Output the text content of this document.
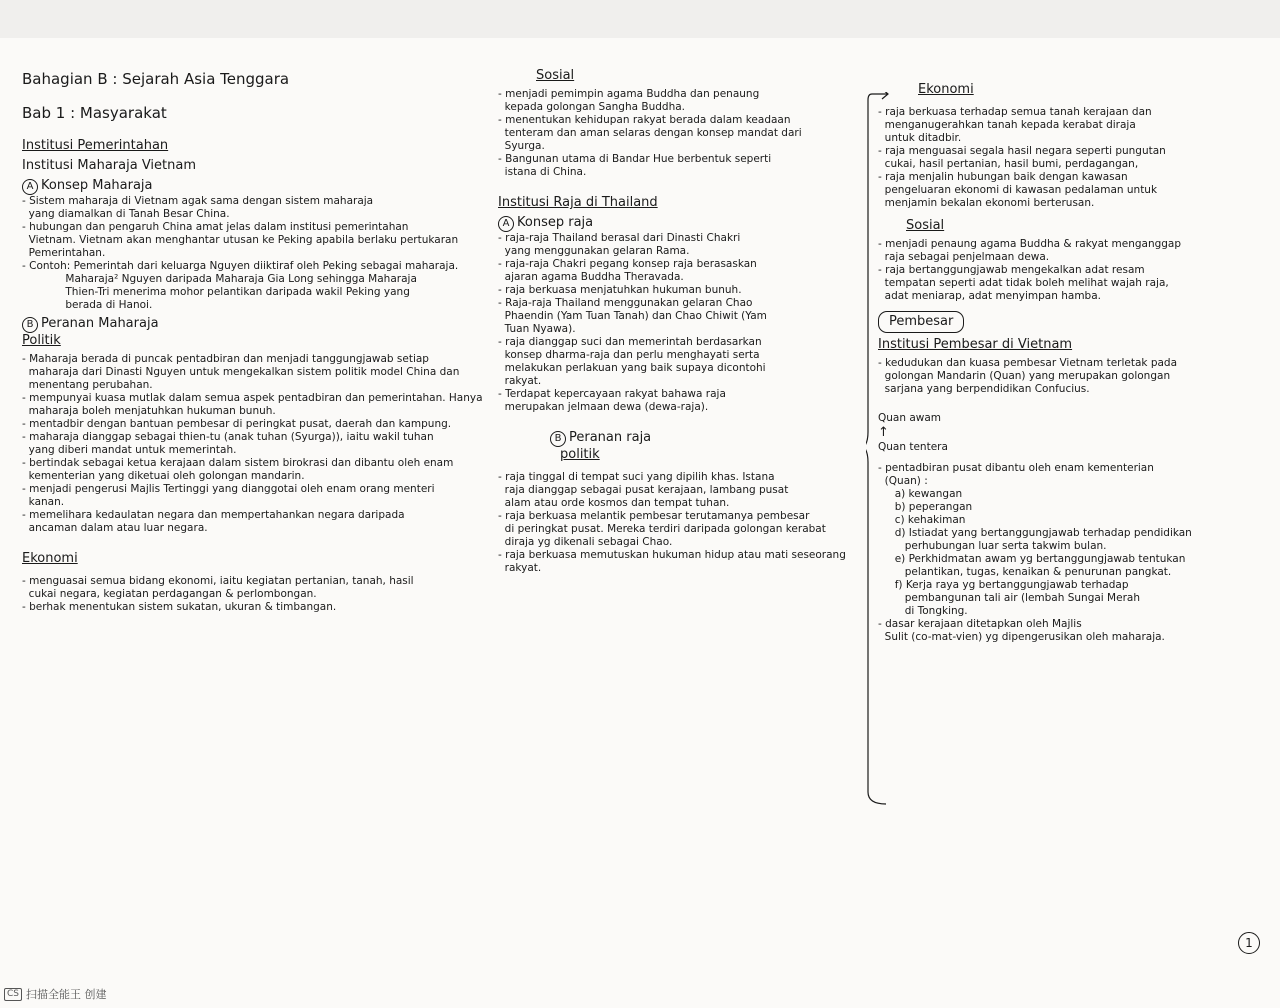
Bahagian B : Sejarah Asia Tenggara

Bab 1 : Masyarakat

Institusi Pemerintahan

Institusi Maharaja Vietnam

A Konsep Maharaja

- Sistem maharaja di Vietnam agak sama dengan sistem maharaja

yang diamalkan di Tanah Besar China.

- hubungan dan pengaruh China amat jelas dalam institusi pemerintahan

Vietnam. Vietnam akan menghantar utusan ke Peking apabila berlaku pertukaran

Pemerintahan.

- Contoh: Pemerintah dari keluarga Nguyen diiktiraf oleh Peking sebagai maharaja.

Maharaja² Nguyen daripada Maharaja Gia Long sehingga Maharaja

Thien-Tri menerima mohor pelantikan daripada wakil Peking yang

berada di Hanoi.

B Peranan Maharaja

Politik

- Maharaja berada di puncak pentadbiran dan menjadi tanggungjawab setiap

maharaja dari Dinasti Nguyen untuk mengekalkan sistem politik model China dan

menentang perubahan.

- mempunyai kuasa mutlak dalam semua aspek pentadbiran dan pemerintahan. Hanya

maharaja boleh menjatuhkan hukuman bunuh.

- mentadbir dengan bantuan pembesar di peringkat pusat, daerah dan kampung.

- maharaja dianggap sebagai thien-tu (anak tuhan (Syurga)), iaitu wakil tuhan

yang diberi mandat untuk memerintah.

- bertindak sebagai ketua kerajaan dalam sistem birokrasi dan dibantu oleh enam

kementerian yang diketuai oleh golongan mandarin.

- menjadi pengerusi Majlis Tertinggi yang dianggotai oleh enam orang menteri

kanan.

- memelihara kedaulatan negara dan mempertahankan negara daripada

ancaman dalam atau luar negara.

Ekonomi

- menguasai semua bidang ekonomi, iaitu kegiatan pertanian, tanah, hasil

cukai negara, kegiatan perdagangan & perlombongan.

- berhak menentukan sistem sukatan, ukuran & timbangan.

Sosial

- menjadi pemimpin agama Buddha dan penaung

kepada golongan Sangha Buddha.

- menentukan kehidupan rakyat berada dalam keadaan

tenteram dan aman selaras dengan konsep mandat dari

Syurga.

- Bangunan utama di Bandar Hue berbentuk seperti

istana di China.

Institusi Raja di Thailand

A Konsep raja

- raja-raja Thailand berasal dari Dinasti Chakri

yang menggunakan gelaran Rama.

- raja-raja Chakri pegang konsep raja berasaskan

ajaran agama Buddha Theravada.

- raja berkuasa menjatuhkan hukuman bunuh.

- Raja-raja Thailand menggunakan gelaran Chao

Phaendin (Yam Tuan Tanah) dan Chao Chiwit (Yam

Tuan Nyawa).

- raja dianggap suci dan memerintah berdasarkan

konsep dharma-raja dan perlu menghayati serta

melakukan perlakuan yang baik supaya dicontohi

rakyat.

- Terdapat kepercayaan rakyat bahawa raja

merupakan jelmaan dewa (dewa-raja).

B Peranan raja

politik

- raja tinggal di tempat suci yang dipilih khas. Istana

raja dianggap sebagai pusat kerajaan, lambang pusat

alam atau orde kosmos dan tempat tuhan.

- raja berkuasa melantik pembesar terutamanya pembesar

di peringkat pusat. Mereka terdiri daripada golongan kerabat

diraja yg dikenali sebagai Chao.

- raja berkuasa memutuskan hukuman hidup atau mati seseorang

rakyat.

Ekonomi

- raja berkuasa terhadap semua tanah kerajaan dan

menganugerahkan tanah kepada kerabat diraja

untuk ditadbir.

- raja menguasai segala hasil negara seperti pungutan

cukai, hasil pertanian, hasil bumi, perdagangan,

- raja menjalin hubungan baik dengan kawasan

pengeluaran ekonomi di kawasan pedalaman untuk

menjamin bekalan ekonomi berterusan.

Sosial

- menjadi penaung agama Buddha & rakyat menganggap

raja sebagai penjelmaan dewa.

- raja bertanggungjawab mengekalkan adat resam

tempatan seperti adat tidak boleh melihat wajah raja,

adat meniarap, adat menyimpan hamba.

Pembesar

Institusi Pembesar di Vietnam

- kedudukan dan kuasa pembesar Vietnam terletak pada

golongan Mandarin (Quan) yang merupakan golongan

sarjana yang berpendidikan Confucius.

Quan awam

↑

Quan tentera

- pentadbiran pusat dibantu oleh enam kementerian

(Quan) :

a) kewangan

b) peperangan

c) kehakiman

d) Istiadat yang bertanggungjawab terhadap pendidikan

perhubungan luar serta takwim bulan.

e) Perkhidmatan awam yg bertanggungjawab tentukan

pelantikan, tugas, kenaikan & penurunan pangkat.

f) Kerja raya yg bertanggungjawab terhadap

pembangunan tali air (lembah Sungai Merah

di Tongking.

- dasar kerajaan ditetapkan oleh Majlis

Sulit (co-mat-vien) yg dipengerusikan oleh maharaja.

1
CS 扫描全能王 创建
